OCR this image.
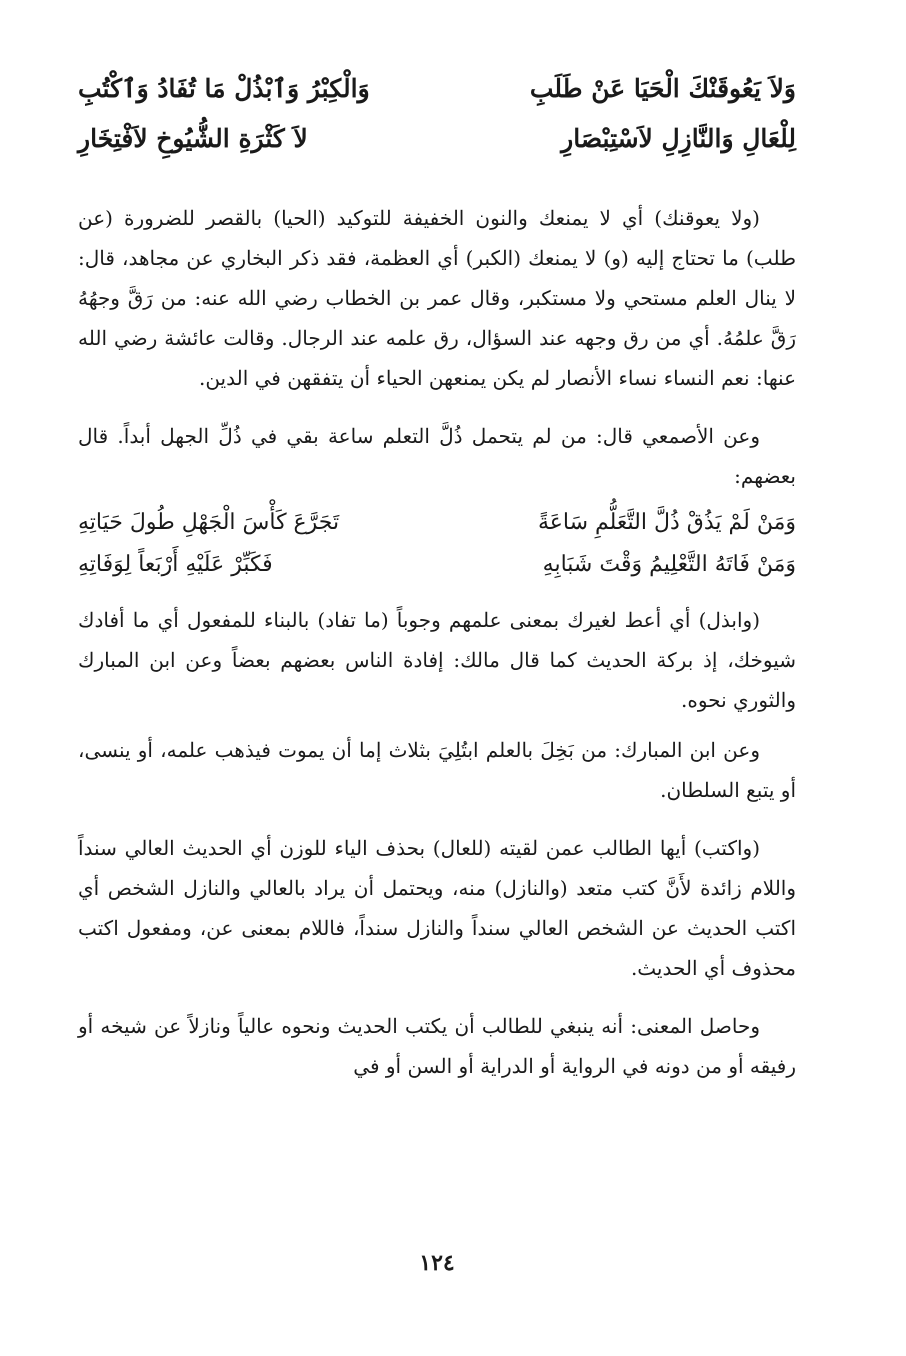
وَلاَ يَعُوقَنْكَ الْحَيَا عَنْ طَلَبِ
وَالْكِبْرُ وَٱبْذُلْ مَا تُفَادُ وَٱكْتُبِ
لِلْعَالِ وَالنَّازِلِ لاَسْتِبْصَارِ
لاَ كَثْرَةِ الشُّيُوخِ لاَفْتِخَارِ

(ولا يعوقنك) أي لا يمنعك والنون الخفيفة للتوكيد (الحيا) بالقصر للضرورة (عن طلب) ما تحتاج إليه (و) لا يمنعك (الكبر) أي العظمة، فقد ذكر البخاري عن مجاهد، قال: لا ينال العلم مستحي ولا مستكبر، وقال عمر بن الخطاب رضي الله عنه: من رَقَّ وجهُهُ رَقَّ علمُهُ. أي من رق وجهه عند السؤال، رق علمه عند الرجال. وقالت عائشة رضي الله عنها: نعم النساء نساء الأنصار لم يكن يمنعهن الحياء أن يتفقهن في الدين.

وعن الأصمعي قال: من لم يتحمل ذُلَّ التعلم ساعة بقي في ذُلِّ الجهل أبداً. قال بعضهم:

وَمَنْ لَمْ يَذُقْ ذُلَّ التَّعَلُّمِ سَاعَةً
تَجَرَّعَ كَأْسَ الْجَهْلِ طُولَ حَيَاتِهِ
وَمَنْ فَاتَهُ التَّعْلِيمُ وَقْتَ شَبَابِهِ
فَكَبِّرْ عَلَيْهِ أَرْبَعاً لِوَفَاتِهِ

(وابذل) أي أعط لغيرك بمعنى علمهم وجوباً (ما تفاد) بالبناء للمفعول أي ما أفادك شيوخك، إذ بركة الحديث كما قال مالك: إفادة الناس بعضهم بعضاً وعن ابن المبارك والثوري نحوه.

وعن ابن المبارك: من بَخِلَ بالعلم ابتُلِيَ بثلاث إما أن يموت فيذهب علمه، أو ينسى، أو يتبع السلطان.

(واكتب) أيها الطالب عمن لقيته (للعال) بحذف الياء للوزن أي الحديث العالي سنداً واللام زائدة لأَنَّ كتب متعد (والنازل) منه، ويحتمل أن يراد بالعالي والنازل الشخص أي اكتب الحديث عن الشخص العالي سنداً والنازل سنداً، فاللام بمعنى عن، ومفعول اكتب محذوف أي الحديث.

وحاصل المعنى: أنه ينبغي للطالب أن يكتب الحديث ونحوه عالياً ونازلاً عن شيخه أو رفيقه أو من دونه في الرواية أو الدراية أو السن أو في

١٢٤
